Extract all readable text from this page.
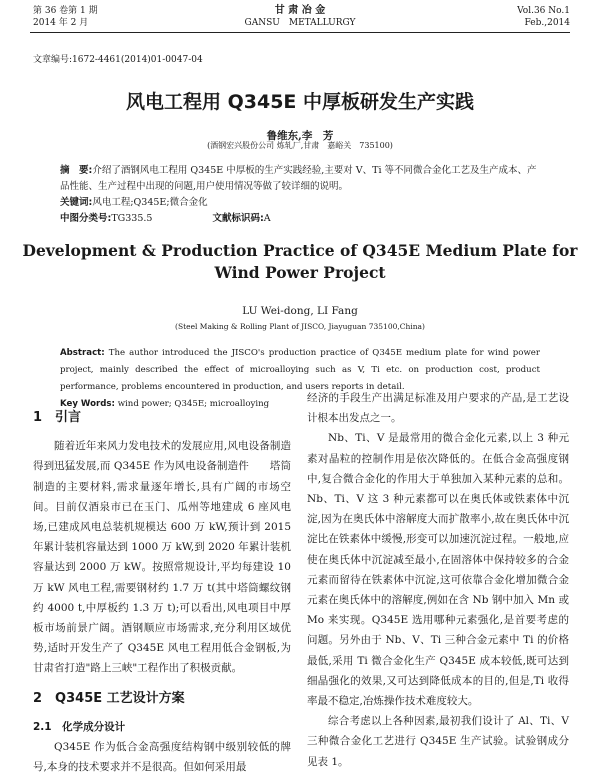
第 36 卷第 1 期
2014 年 2 月
甘 肃 冶 金
GANSU　METALLURGY
Vol.36 No.1
Feb.,2014
文章编号:1672-4461(2014)01-0047-04
风电工程用 Q345E 中厚板研发生产实践
鲁维东,李　芳
(酒钢宏兴股份公司 炼轧厂,甘肃　嘉峪关　735100)

摘　要:介绍了酒钢风电工程用 Q345E 中厚板的生产实践经验,主要对 V、Ti 等不同微合金化工艺及生产成本、产品性能、生产过程中出现的问题,用户使用情况等做了较详细的说明。

关键词:风电工程;Q345E;微合金化

中图分类号:TG335.5	文献标识码:A

Development & Production Practice of Q345E Medium Plate for
Wind Power Project
LU Wei-dong, LI Fang
(Steel Making & Rolling Plant of JISCO, Jiayuguan 735100,China)

Abstract: The author introduced the JISCO's production practice of Q345E medium plate for wind power project, mainly described the effect of microalloying such as V, Ti etc. on production cost, product performance, problems encountered in production, and users reports in detail.

Key Words: wind power; Q345E; microalloying

1　引言

随着近年来风力发电技术的发展应用,风电设备制造得到迅猛发展,而 Q345E 作为风电设备制造件　　塔筒制造的主要材料,需求量逐年增长,具有广阔的市场空间。目前仅酒泉市已在玉门、瓜州等地建成 6 座风电场,已建成风电总装机规模达 600 万 kW,预计到 2015 年累计装机容量达到 1000 万 kW,到 2020 年累计装机容量达到 2000 万 kW。按照常规设计,平均每建设 10 万 kW 风电工程,需要钢材约 1.7 万 t(其中塔筒螺纹钢约 4000 t,中厚板约 1.3 万 t);可以看出,风电项目中厚板市场前景广阔。酒钢顺应市场需求,充分利用区域优势,适时开发生产了 Q345E 风电工程用低合金钢板,为甘肃省打造"路上三峡"工程作出了积极贡献。

2　Q345E 工艺设计方案

2.1　化学成分设计

Q345E 作为低合金高强度结构钢中级别较低的牌号,本身的技术要求并不是很高。但如何采用最

经济的手段生产出满足标准及用户要求的产品,是工艺设计根本出发点之一。

Nb、Ti、V 是最常用的微合金化元素,以上 3 种元素对晶粒的控制作用是依次降低的。在低合金高强度钢中,复合微合金化的作用大于单独加入某种元素的总和。Nb、Ti、V 这 3 种元素都可以在奥氏体或铁素体中沉淀,因为在奥氏体中溶解度大而扩散率小,故在奥氏体中沉淀比在铁素体中缓慢,形变可以加速沉淀过程。一般地,应使在奥氏体中沉淀减至最小,在固溶体中保持较多的合金元素而留待在铁素体中沉淀,这可依靠合金化增加微合金元素在奥氏体中的溶解度,例如在含 Nb 钢中加入 Mn 或 Mo 来实现。Q345E 选用哪种元素强化,是首要考虑的问题。另外由于 Nb、V、Ti 三种合金元素中 Ti 的价格最低,采用 Ti 微合金化生产 Q345E 成本较低,既可达到细晶强化的效果,又可达到降低成本的目的,但是,Ti 收得率最不稳定,冶炼操作技术难度较大。

综合考虑以上各种因素,最初我们设计了 Al、Ti、V 三种微合金化工艺进行 Q345E 生产试验。试验钢成分见表 1。
